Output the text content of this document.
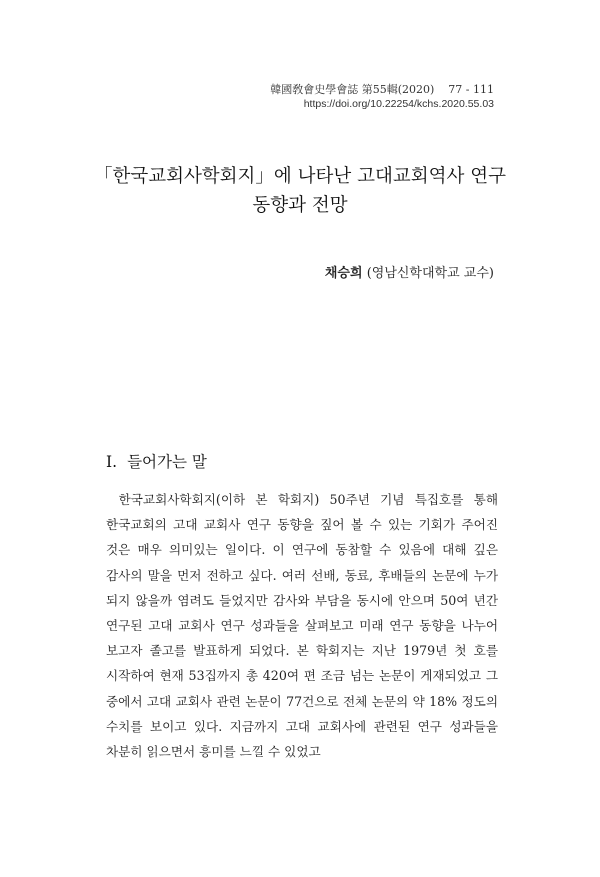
韓國敎會史學會誌 第55輯(2020) 77 - 111
https://doi.org/10.22254/kchs.2020.55.03
「한국교회사학회지」에 나타난 고대교회역사 연구
동향과 전망
채승희 (영남신학대학교 교수)
I. 들어가는 말
한국교회사학회지(이하 본 학회지) 50주년 기념 특집호를 통해 한국교회의 고대 교회사 연구 동향을 짚어 볼 수 있는 기회가 주어진 것은 매우 의미있는 일이다. 이 연구에 동참할 수 있음에 대해 깊은 감사의 말을 먼저 전하고 싶다. 여러 선배, 동료, 후배들의 논문에 누가 되지 않을까 염려도 들었지만 감사와 부담을 동시에 안으며 50여 년간 연구된 고대 교회사 연구 성과들을 살펴보고 미래 연구 동향을 나누어 보고자 졸고를 발표하게 되었다. 본 학회지는 지난 1979년 첫 호를 시작하여 현재 53집까지 총 420여 편 조금 넘는 논문이 게재되었고 그 중에서 고대 교회사 관련 논문이 77건으로 전체 논문의 약 18% 정도의 수치를 보이고 있다. 지금까지 고대 교회사에 관련된 연구 성과들을 차분히 읽으면서 흥미를 느낄 수 있었고
